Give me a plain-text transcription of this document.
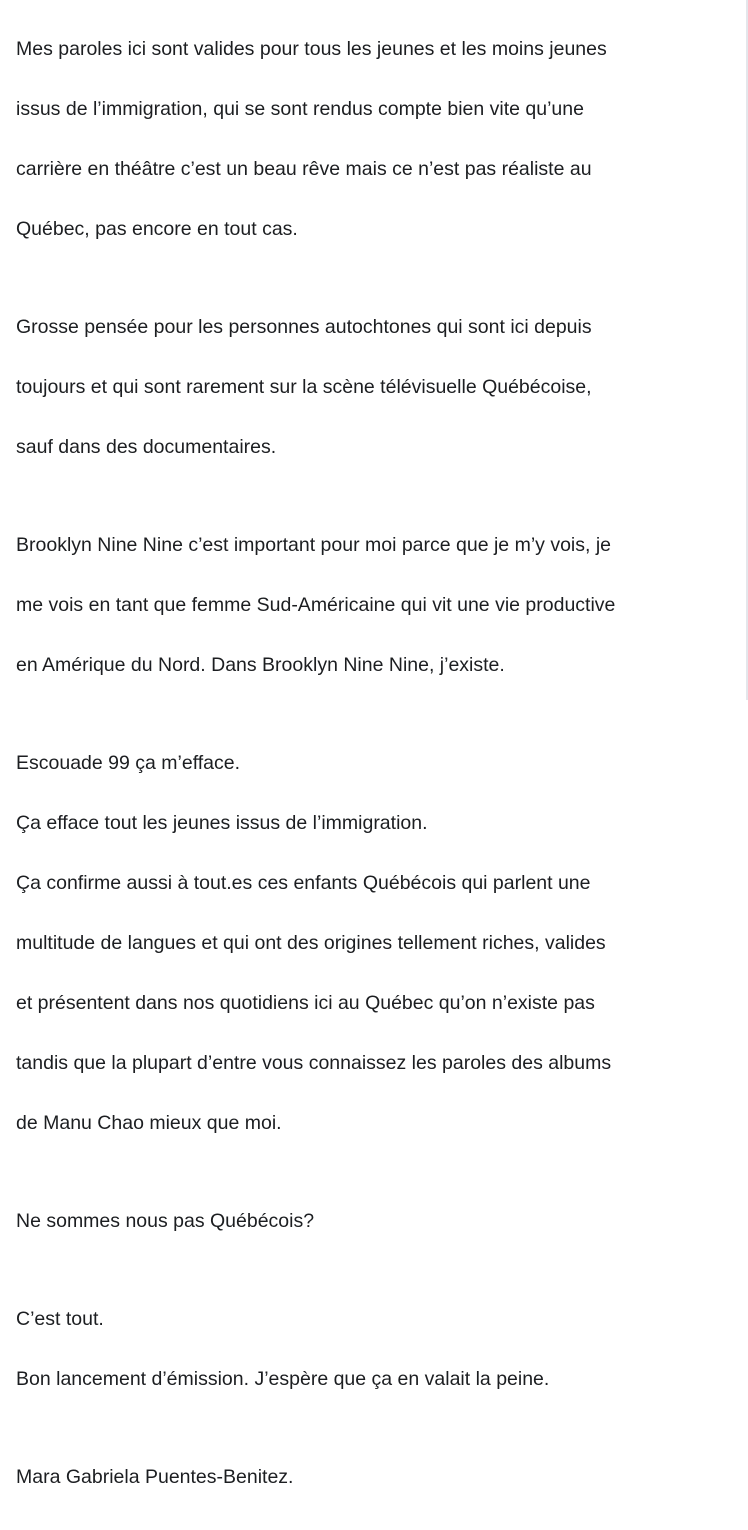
Mes paroles ici sont valides pour tous les jeunes et les moins jeunes

issus de l’immigration, qui se sont rendus compte bien vite qu’une

carrière en théâtre c’est un beau rêve mais ce n’est pas réaliste au

Québec, pas encore en tout cas.

Grosse pensée pour les personnes autochtones qui sont ici depuis

toujours et qui sont rarement sur la scène télévisuelle Québécoise,

sauf dans des documentaires.

Brooklyn Nine Nine c’est important pour moi parce que je m’y vois, je

me vois en tant que femme Sud-Américaine qui vit une vie productive

en Amérique du Nord. Dans Brooklyn Nine Nine, j’existe.

Escouade 99 ça m’efface.

Ça efface tout les jeunes issus de l’immigration.

Ça confirme aussi à tout.es ces enfants Québécois qui parlent une

multitude de langues et qui ont des origines tellement riches, valides

et présentent dans nos quotidiens ici au Québec qu’on n’existe pas

tandis que la plupart d’entre vous connaissez les paroles des albums

de Manu Chao mieux que moi.

Ne sommes nous pas Québécois?

C’est tout.

Bon lancement d’émission. J’espère que ça en valait la peine.

Mara Gabriela Puentes-Benitez.
